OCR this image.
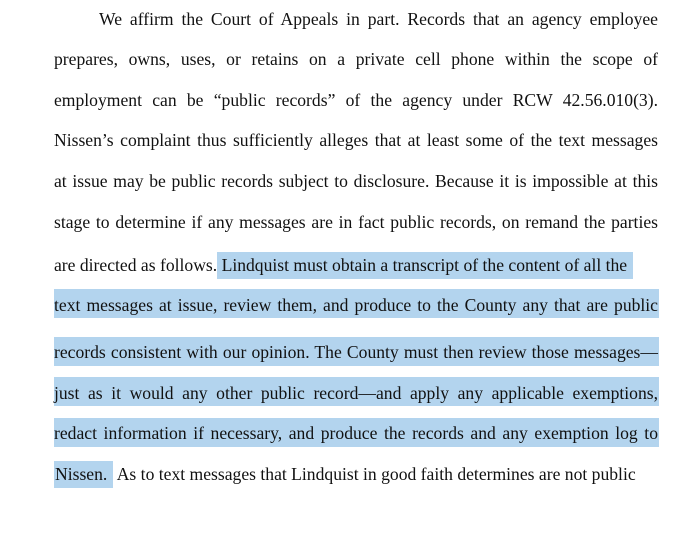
We affirm the Court of Appeals in part. Records that an agency employee
prepares, owns, uses, or retains on a private cell phone within the scope of
employment can be “public records” of the agency under RCW 42.56.010(3).
Nissen’s complaint thus sufficiently alleges that at least some of the text messages
at issue may be public records subject to disclosure. Because it is impossible at this
stage to determine if any messages are in fact public records, on remand the parties
are directed as follows. Lindquist must obtain a transcript of the content of all the
text messages at issue, review them, and produce to the County any that are public
records consistent with our opinion. The County must then review those messages—
just as it would any other public record—and apply any applicable exemptions,
redact information if necessary, and produce the records and any exemption log to
Nissen. As to text messages that Lindquist in good faith determines are not public
